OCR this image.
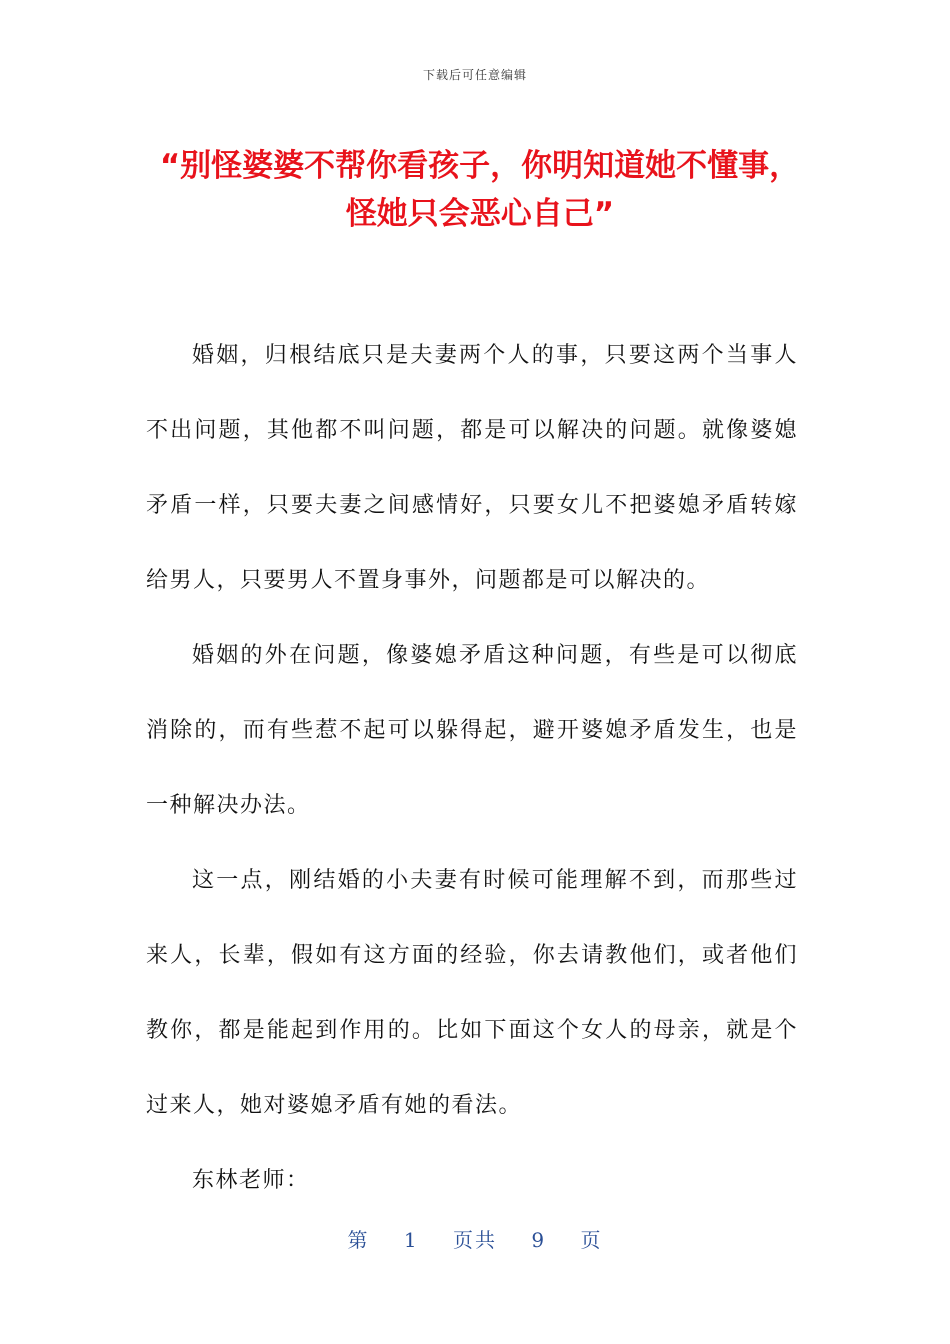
下载后可任意编辑
“别怪婆婆不帮你看孩子，你明知道她不懂事，怪她只会恶心自己”

婚姻，归根结底只是夫妻两个人的事，只要这两个当事人不出问题，其他都不叫问题，都是可以解决的问题。就像婆媳矛盾一样，只要夫妻之间感情好，只要女儿不把婆媳矛盾转嫁给男人，只要男人不置身事外，问题都是可以解决的。

婚姻的外在问题，像婆媳矛盾这种问题，有些是可以彻底消除的，而有些惹不起可以躲得起，避开婆媳矛盾发生，也是一种解决办法。

这一点，刚结婚的小夫妻有时候可能理解不到，而那些过来人，长辈，假如有这方面的经验，你去请教他们，或者他们教你，都是能起到作用的。比如下面这个女人的母亲，就是个过来人，她对婆媳矛盾有她的看法。

东林老师：

第 1 页共 9 页
